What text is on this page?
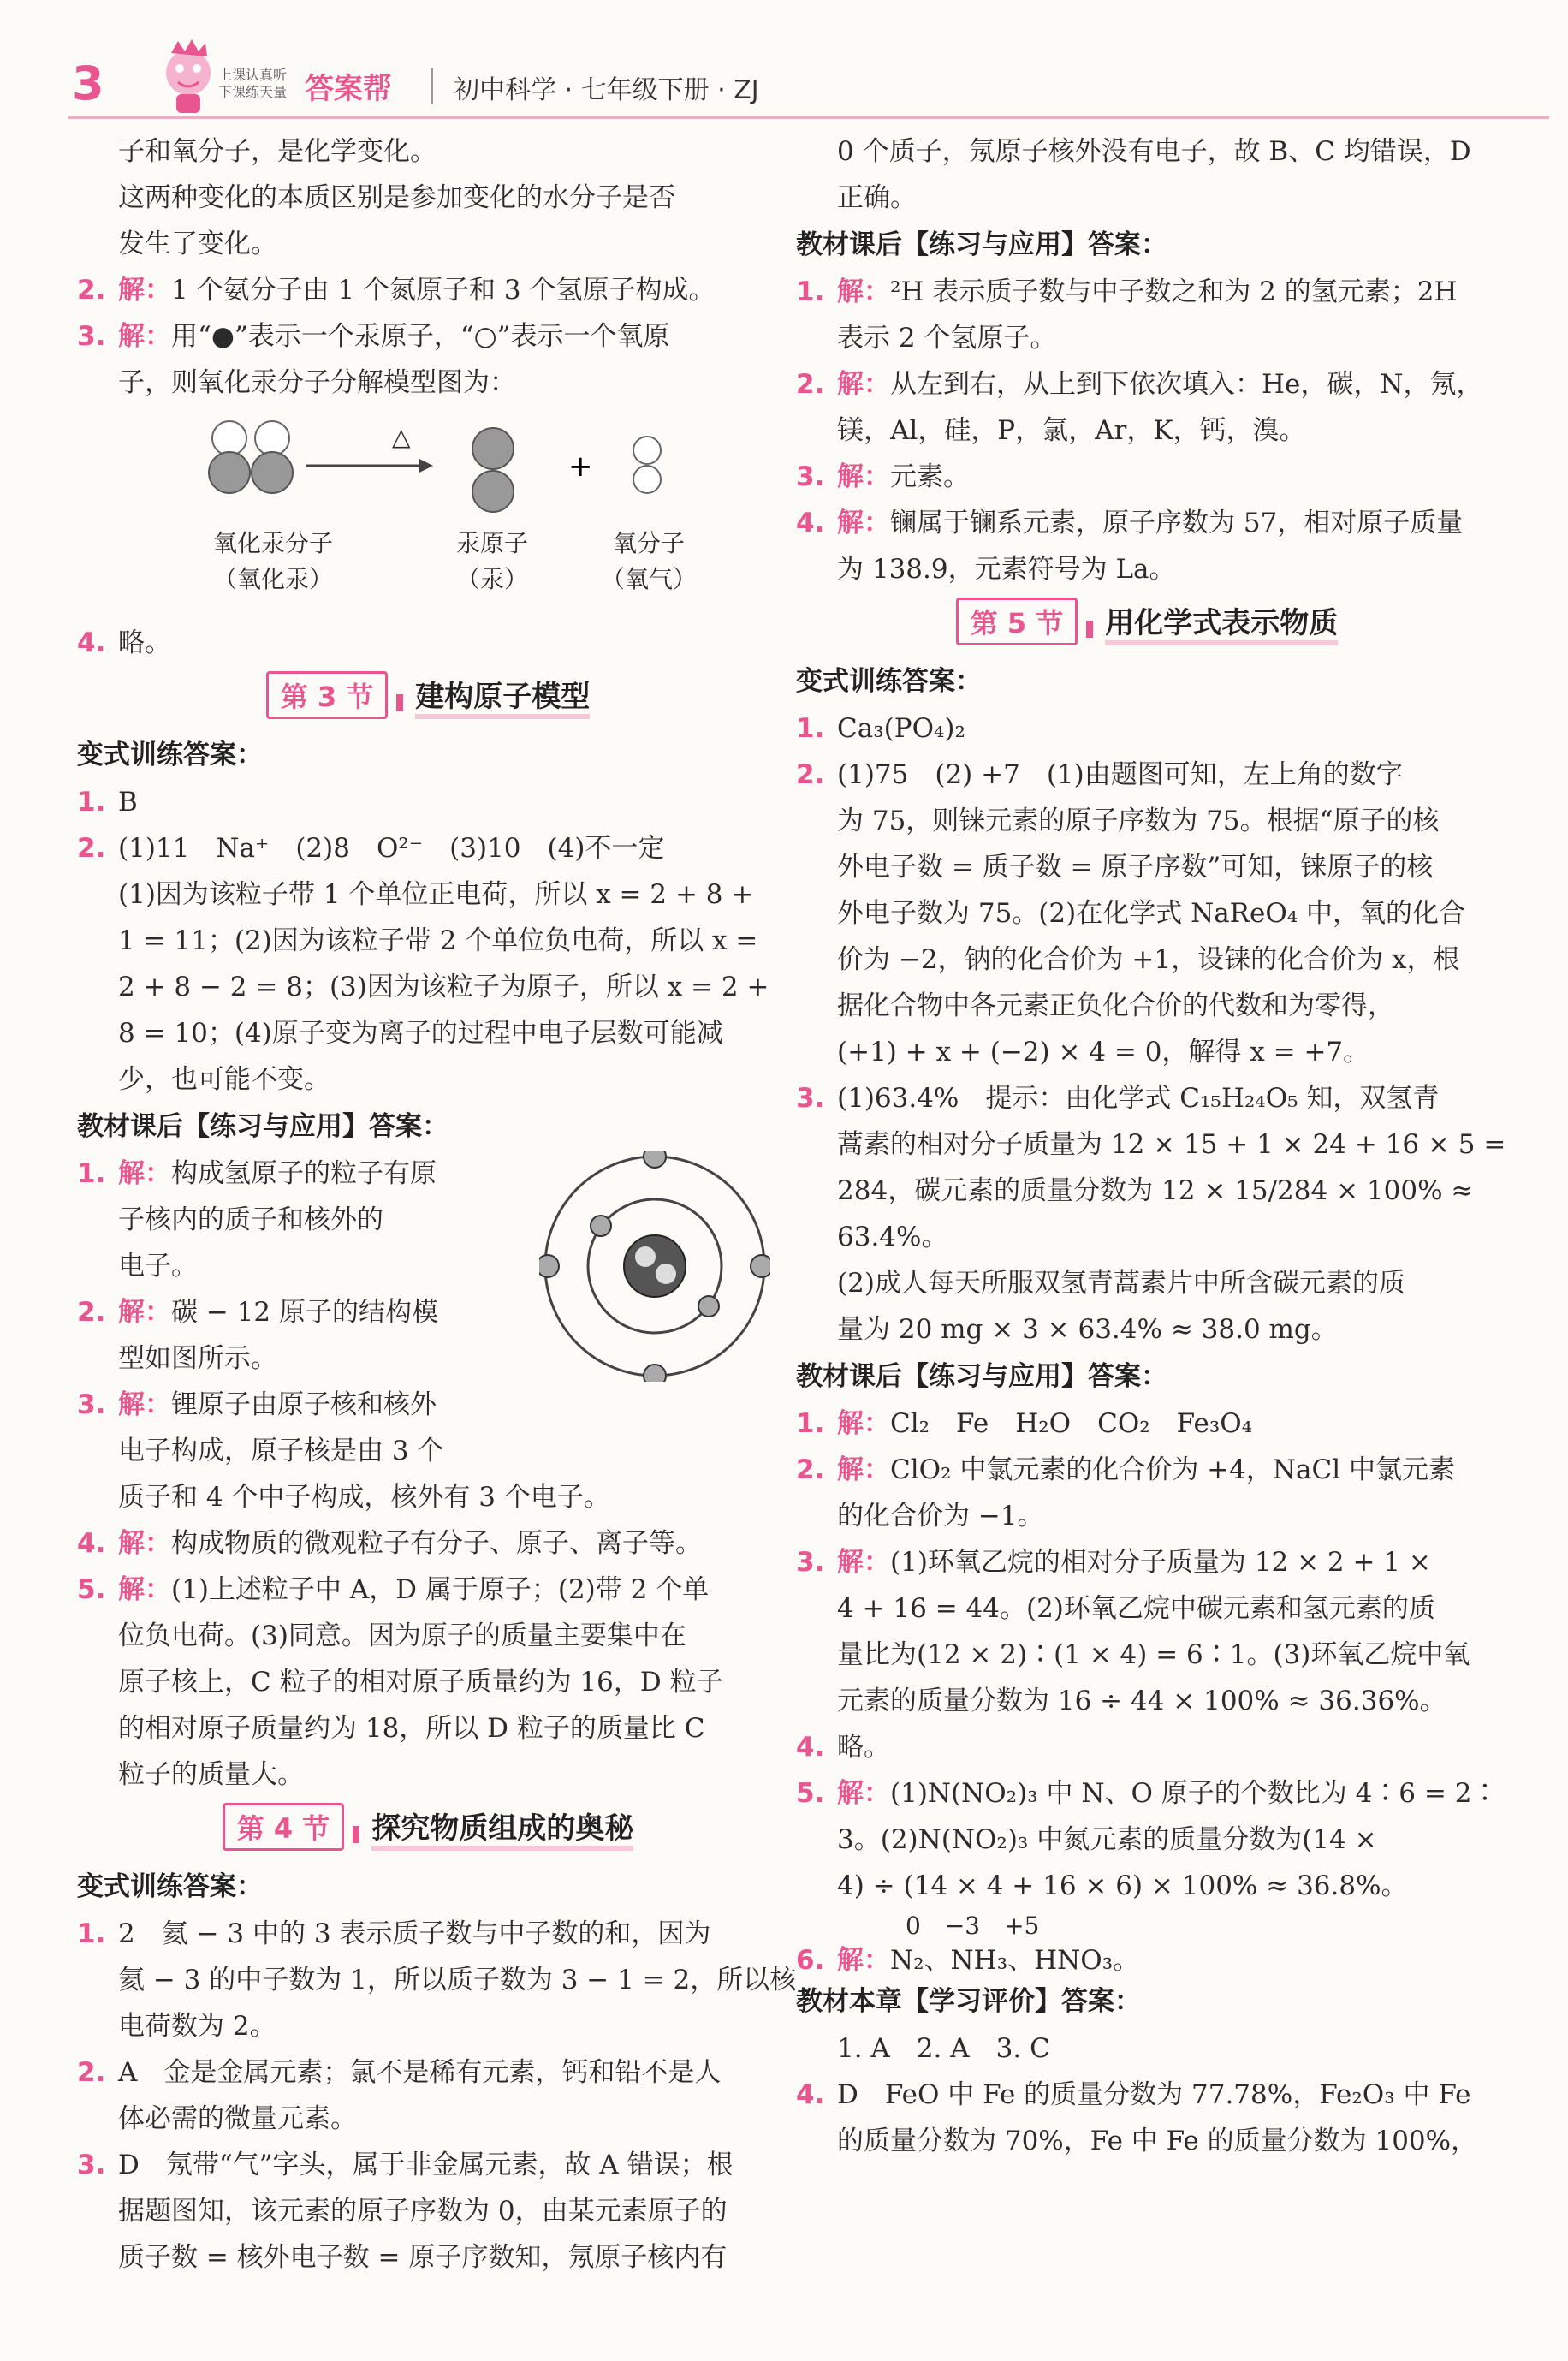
3	上课认真听
下课练天量 答案帮 初中科学 · 七年级下册 · ZJ
子和氧分子，是化学变化。
这两种变化的本质区别是参加变化的水分子是否
发生了变化。
2. 解：1 个氨分子由 1 个氮原子和 3 个氢原子构成。
3. 解：用“●”表示一个汞原子，“○”表示一个氧原
子，则氧化汞分子分解模型图为：
+
△
氧化汞分子
（氧化汞）
汞原子
（汞）
氧分子
（氧气）
4. 略。
第 3 节 建构原子模型
变式训练答案：
1. B
2. (1)11　Na⁺　(2)8　O²⁻　(3)10　(4)不一定
(1)因为该粒子带 1 个单位正电荷，所以 x = 2 + 8 +
1 = 11；(2)因为该粒子带 2 个单位负电荷，所以 x =
2 + 8 − 2 = 8；(3)因为该粒子为原子，所以 x = 2 +
8 = 10；(4)原子变为离子的过程中电子层数可能减
少，也可能不变。
教材课后【练习与应用】答案：
1. 解：构成氢原子的粒子有原
子核内的质子和核外的
电子。
2. 解：碳 − 12 原子的结构模
型如图所示。
3. 解：锂原子由原子核和核外
电子构成，原子核是由 3 个
质子和 4 个中子构成，核外有 3 个电子。
4. 解：构成物质的微观粒子有分子、原子、离子等。
5. 解：(1)上述粒子中 A，D 属于原子；(2)带 2 个单
位负电荷。(3)同意。因为原子的质量主要集中在
原子核上，C 粒子的相对原子质量约为 16，D 粒子
的相对原子质量约为 18，所以 D 粒子的质量比 C
粒子的质量大。
第 4 节 探究物质组成的奥秘
变式训练答案：
1. 2　氦 − 3 中的 3 表示质子数与中子数的和，因为
氦 − 3 的中子数为 1，所以质子数为 3 − 1 = 2，所以核
电荷数为 2。
2. A　金是金属元素；氯不是稀有元素，钙和铅不是人
体必需的微量元素。
3. D　氖带“气”字头，属于非金属元素，故 A 错误；根
据题图知，该元素的原子序数为 0，由某元素原子的
质子数 = 核外电子数 = 原子序数知，氖原子核内有
0 个质子，氖原子核外没有电子，故 B、C 均错误，D
正确。
教材课后【练习与应用】答案：
1. 解：²H 表示质子数与中子数之和为 2 的氢元素；2H
表示 2 个氢原子。
2. 解：从左到右，从上到下依次填入：He，碳，N，氖，
镁，Al，硅，P，氯，Ar，K，钙，溴。
3. 解：元素。
4. 解：镧属于镧系元素，原子序数为 57，相对原子质量
为 138.9，元素符号为 La。
第 5 节 用化学式表示物质
变式训练答案：
1. Ca₃(PO₄)₂
2. (1)75　(2) +7　(1)由题图可知，左上角的数字
为 75，则铼元素的原子序数为 75。根据“原子的核
外电子数 = 质子数 = 原子序数”可知，铼原子的核
外电子数为 75。(2)在化学式 NaReO₄ 中，氧的化合
价为 −2，钠的化合价为 +1，设铼的化合价为 x，根
据化合物中各元素正负化合价的代数和为零得，
(+1) + x + (−2) × 4 = 0，解得 x = +7。
3. (1)63.4%　提示：由化学式 C₁₅H₂₄O₅ 知，双氢青
蒿素的相对分子质量为 12 × 15 + 1 × 24 + 16 × 5 =
284，碳元素的质量分数为 12 × 15/284 × 100% ≈
63.4%。
(2)成人每天所服双氢青蒿素片中所含碳元素的质
量为 20 mg × 3 × 63.4% ≈ 38.0 mg。
教材课后【练习与应用】答案：
1. 解：Cl₂　Fe　H₂O　CO₂　Fe₃O₄
2. 解：ClO₂ 中氯元素的化合价为 +4，NaCl 中氯元素
的化合价为 −1。
3. 解：(1)环氧乙烷的相对分子质量为 12 × 2 + 1 ×
4 + 16 = 44。(2)环氧乙烷中碳元素和氢元素的质
量比为(12 × 2)∶(1 × 4) = 6∶1。(3)环氧乙烷中氧
元素的质量分数为 16 ÷ 44 × 100% ≈ 36.36%。
4. 略。
5. 解：(1)N(NO₂)₃ 中 N、O 原子的个数比为 4∶6 = 2∶
3。(2)N(NO₂)₃ 中氮元素的质量分数为(14 ×
4) ÷ (14 × 4 + 16 × 6) × 100% ≈ 36.8%。
0　−3　+5
6. 解：N₂、NH₃、HNO₃。
教材本章【学习评价】答案：
1. A　2. A　3. C
4. D　FeO 中 Fe 的质量分数为 77.78%，Fe₂O₃ 中 Fe
的质量分数为 70%，Fe 中 Fe 的质量分数为 100%，
